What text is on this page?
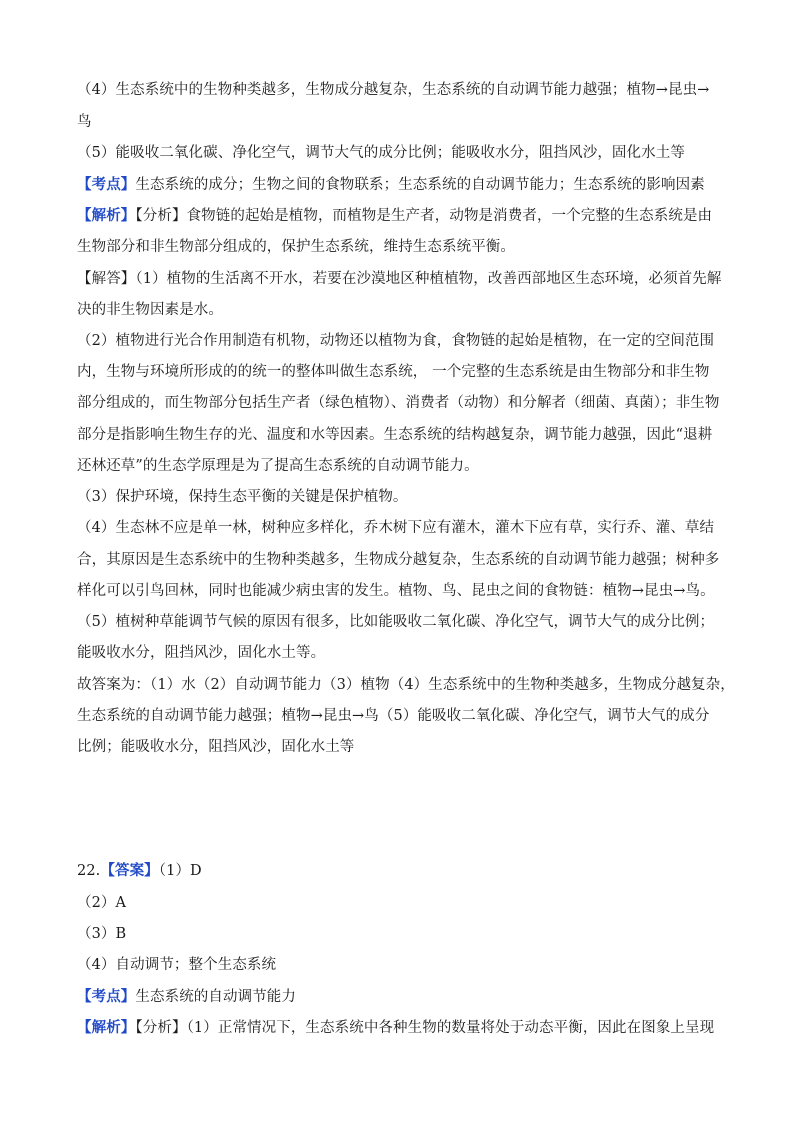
（4）生态系统中的生物种类越多，生物成分越复杂，生态系统的自动调节能力越强；植物→昆虫→
鸟
（5）能吸收二氧化碳、净化空气，调节大气的成分比例；能吸收水分，阻挡风沙，固化水土等
【考点】生态系统的成分；生物之间的食物联系；生态系统的自动调节能力；生态系统的影响因素
【解析】【分析】食物链的起始是植物，而植物是生产者，动物是消费者，一个完整的生态系统是由
生物部分和非生物部分组成的，保护生态系统，维持生态系统平衡。
【解答】（1）植物的生活离不开水，若要在沙漠地区种植植物，改善西部地区生态环境，必须首先解
决的非生物因素是水。
（2）植物进行光合作用制造有机物，动物还以植物为食，食物链的起始是植物，在一定的空间范围
内，生物与环境所形成的的统一的整体叫做生态系统， 一个完整的生态系统是由生物部分和非生物
部分组成的，而生物部分包括生产者（绿色植物）、消费者（动物）和分解者（细菌、真菌）；非生物
部分是指影响生物生存的光、温度和水等因素。生态系统的结构越复杂，调节能力越强，因此“退耕
还林还草”的生态学原理是为了提高生态系统的自动调节能力。
（3）保护环境，保持生态平衡的关键是保护植物。
（4）生态林不应是单一林，树种应多样化，乔木树下应有灌木，灌木下应有草，实行乔、灌、草结
合，其原因是生态系统中的生物种类越多，生物成分越复杂，生态系统的自动调节能力越强；树种多
样化可以引鸟回林，同时也能减少病虫害的发生。植物、鸟、昆虫之间的食物链：植物→昆虫→鸟。
（5）植树种草能调节气候的原因有很多，比如能吸收二氧化碳、净化空气，调节大气的成分比例；
能吸收水分，阻挡风沙，固化水土等。
故答案为：（1）水（2）自动调节能力（3）植物（4）生态系统中的生物种类越多，生物成分越复杂，
生态系统的自动调节能力越强；植物→昆虫→鸟（5）能吸收二氧化碳、净化空气，调节大气的成分
比例；能吸收水分，阻挡风沙，固化水土等
22.【答案】（1）D
（2）A
（3）B
（4）自动调节；整个生态系统
【考点】生态系统的自动调节能力
【解析】【分析】（1）正常情况下，生态系统中各种生物的数量将处于动态平衡，因此在图象上呈现
